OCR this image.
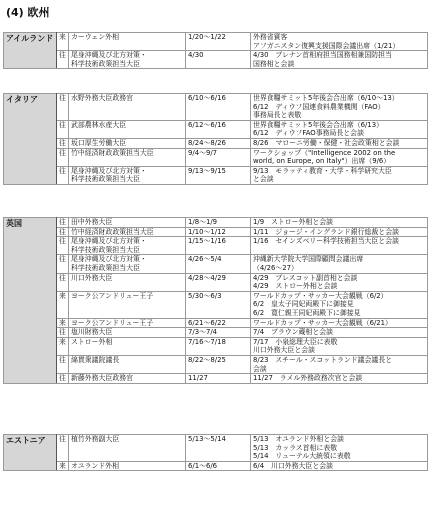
(4) 欧州
アイルランド	来	カーウェン外相	1/20～1/22	外務省賓客
アフガニスタン復興支援国際会議出席（1/21）

	往	尾身沖縄及び北方対策・
科学技術政策担当大臣	4/30	4/30　ブレナン首相府担当国務相兼国防担当
国務相と会談
イタリア	往	水野外務大臣政務官	6/10～6/16	世界食糧サミット5年後会合出席（6/10～13）
6/12　ディウフ国連食料農業機関（FAO）
事務局長と表敬

	往	武部農林水産大臣	6/12～6/16	世界食糧サミット5年後会合出席（6/13）
6/12　ディウフFAO事務局長と会談

	往	坂口厚生労働大臣	8/24～8/26	8/26　マローニ労働・保健・社会政策相と会談

	往	竹中経済財政政策担当大臣	9/4～9/7	ワークショップ（"Intelligence 2002 on the
world, on Europe, on Italy"）出席（9/6）

	往	尾身沖縄及び北方対策・
科学技術政策担当大臣	9/13～9/15	9/13　モラッティ教育・大学・科学研究大臣
と会談
英国	往	田中外務大臣	1/8～1/9	1/9　ストロー外相と会談

	往	竹中経済財政政策担当大臣	1/10～1/12	1/11　ジョージ・イングランド銀行総裁と会談

	往	尾身沖縄及び北方対策・
科学技術政策担当大臣	1/15～1/16	1/16　セインズベリー科学技術担当大臣と会談

	往	尾身沖縄及び北方対策・
科学技術政策担当大臣	4/26～5/4	沖縄新大学院大学国際顧問会議出席
（4/26～27）

	往	川口外務大臣	4/28～4/29	4/29　プレスコット副首相と会談
4/29　ストロー外相と会談

	来	ヨーク公アンドリュー王子	5/30～6/3	ワールドカップ・サッカー大会観戦（6/2）
6/2　皇太子同妃両殿下に御接見
6/2　寛仁親王同妃両殿下に御接見

	来	ヨーク公アンドリュー王子	6/21～6/22	ワールドカップ・サッカー大会観戦（6/21）

	往	塩川財務大臣	7/3～7/4	7/4　ブラウン蔵相と会談

	来	ストロー外相	7/16～7/18	7/17　小泉総理大臣に表敬
川口外務大臣と会談

	往	綿貫衆議院議長	8/22～8/25	8/23　スチール・スコットランド議会議長と
会談

	往	新藤外務大臣政務官	11/27	11/27　ラメル外務政務次官と会談
エストニア	往	植竹外務副大臣	5/13～5/14	5/13　オユランド外相と会談
5/13　カッラス首相に表敬
5/14　リューテル大統領に表敬

	来	オユランド外相	6/1～6/6	6/4　川口外務大臣と会談
